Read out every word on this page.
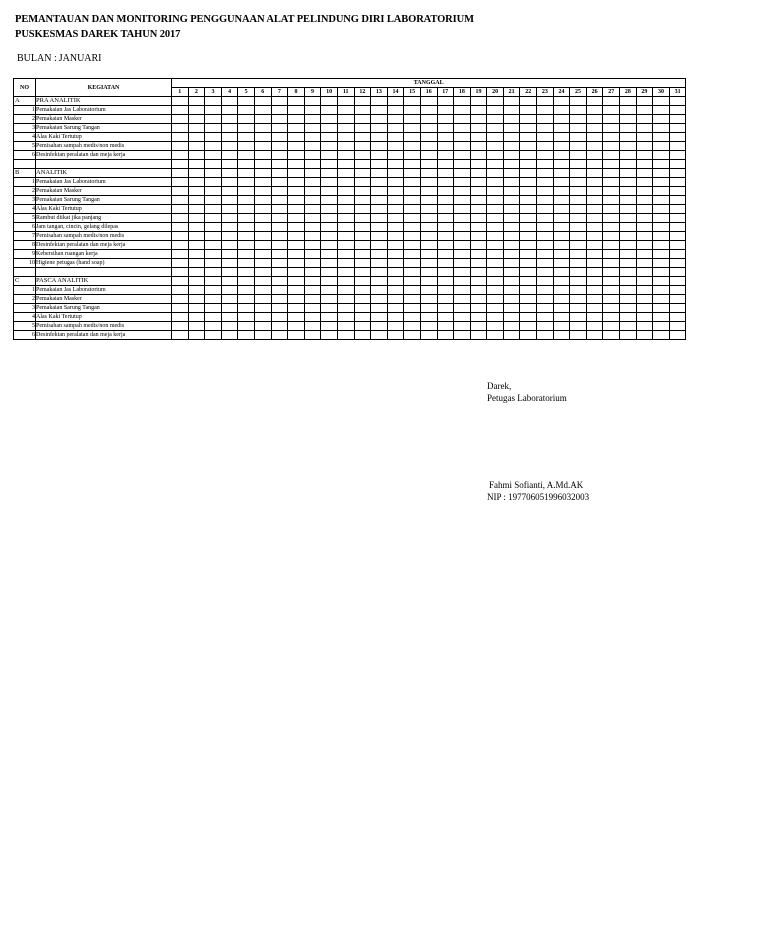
PEMANTAUAN DAN MONITORING PENGGUNAAN ALAT PELINDUNG DIRI LABORATORIUM
PUSKESMAS DAREK TAHUN 2017
BULAN : JANUARI
NO	KEGIATAN	TANGGAL																														
		1	2	3	4	5	6	7	8	9	10	11	12	13	14	15	16	17	18	19	20	21	22	23	24	25	26	27	28	29	30	31
A	PRA ANALITIK																															
1	Pemakaian Jas Laboratorium																															
2	Pemakaian Masker																															
3	Pemakaian Sarung Tangan																															
4	Alas Kaki Tertutup																															
5	Pemisahan sampah medis/non medis																															
6	Desinfektan peralatan dan meja kerja																															

B	ANALITIK																															
1	Pemakaian Jas Laboratorium																															
2	Pemakaian Masker																															
3	Pemakaian Sarung Tangan																															
4	Alas Kaki Tertutup																															
5	Rambut diikat jika panjang																															
6	Jam tangan, cincin, gelang dilepas																															
7	Pemisahan sampah medis/non medis																															
8	Desinfektan peralatan dan meja kerja																															
9	Kebersihan ruangan kerja																															
10	Higiene petugas (hand soap)																															

C	PASCA ANALITIK																															
1	Pemakaian Jas Laboratorium																															
2	Pemakaian Masker																															
3	Pemakaian Sarung Tangan																															
4	Alas Kaki Tertutup																															
5	Pemisahan sampah medis/non medis																															
6	Desinfektan peralatan dan meja kerja																															
Darek,
Petugas Laboratorium
Fahmi Sofianti, A.Md.AK
NIP : 197706051996032003
